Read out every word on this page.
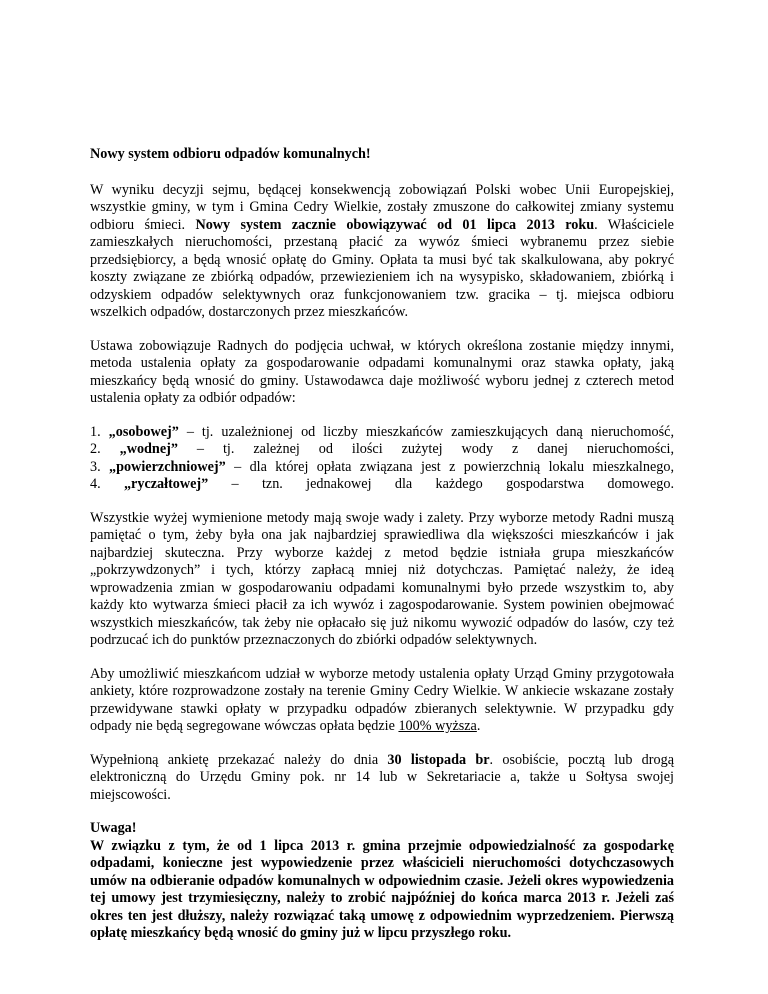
Nowy system odbioru odpadów komunalnych!

W wyniku decyzji sejmu, będącej konsekwencją zobowiązań Polski wobec Unii Europejskiej, wszystkie gminy, w tym i Gmina Cedry Wielkie, zostały zmuszone do całkowitej zmiany systemu odbioru śmieci. Nowy system zacznie obowiązywać od 01 lipca 2013 roku. Właściciele zamieszkałych nieruchomości, przestaną płacić za wywóz śmieci wybranemu przez siebie przedsiębiorcy, a będą wnosić opłatę do Gminy. Opłata ta musi być tak skalkulowana, aby pokryć koszty związane ze zbiórką odpadów, przewiezieniem ich na wysypisko, składowaniem, zbiórką i odzyskiem odpadów selektywnych oraz funkcjonowaniem tzw. gracika – tj. miejsca odbioru wszelkich odpadów, dostarczonych przez mieszkańców.

Ustawa zobowiązuje Radnych do podjęcia uchwał, w których określona zostanie między innymi, metoda ustalenia opłaty za gospodarowanie odpadami komunalnymi oraz stawka opłaty, jaką mieszkańcy będą wnosić do gminy. Ustawodawca daje możliwość wyboru jednej z czterech metod ustalenia opłaty za odbiór odpadów:

1. „osobowej” – tj. uzależnionej od liczby mieszkańców zamieszkujących daną nieruchomość,
2. „wodnej” – tj. zależnej od ilości zużytej wody z danej nieruchomości,
3. „powierzchniowej” – dla której opłata związana jest z powierzchnią lokalu mieszkalnego,
4. „ryczałtowej” – tzn. jednakowej dla każdego gospodarstwa domowego.

Wszystkie wyżej wymienione metody mają swoje wady i zalety. Przy wyborze metody Radni muszą pamiętać o tym, żeby była ona jak najbardziej sprawiedliwa dla większości mieszkańców i jak najbardziej skuteczna. Przy wyborze każdej z metod będzie istniała grupa mieszkańców „pokrzywdzonych” i tych, którzy zapłacą mniej niż dotychczas. Pamiętać należy, że ideą wprowadzenia zmian w gospodarowaniu odpadami komunalnymi było przede wszystkim to, aby każdy kto wytwarza śmieci płacił za ich wywóz i zagospodarowanie. System powinien obejmować wszystkich mieszkańców, tak żeby nie opłacało się już nikomu wywozić odpadów do lasów, czy też podrzucać ich do punktów przeznaczonych do zbiórki odpadów selektywnych.

Aby umożliwić mieszkańcom udział w wyborze metody ustalenia opłaty Urząd Gminy przygotowała ankiety, które rozprowadzone zostały na terenie Gminy Cedry Wielkie. W ankiecie wskazane zostały przewidywane stawki opłaty w przypadku odpadów zbieranych selektywnie. W przypadku gdy odpady nie będą segregowane wówczas opłata będzie 100% wyższa.

Wypełnioną ankietę przekazać należy do dnia 30 listopada br. osobiście, pocztą lub drogą elektroniczną do Urzędu Gminy pok. nr 14 lub w Sekretariacie a, także u Sołtysa swojej miejscowości.

Uwaga!

W związku z tym, że od 1 lipca 2013 r. gmina przejmie odpowiedzialność za gospodarkę odpadami, konieczne jest wypowiedzenie przez właścicieli nieruchomości dotychczasowych umów na odbieranie odpadów komunalnych w odpowiednim czasie. Jeżeli okres wypowiedzenia tej umowy jest trzymiesięczny, należy to zrobić najpóźniej do końca marca 2013 r. Jeżeli zaś okres ten jest dłuższy, należy rozwiązać taką umowę z odpowiednim wyprzedzeniem. Pierwszą opłatę mieszkańcy będą wnosić do gminy już w lipcu przyszłego roku.
